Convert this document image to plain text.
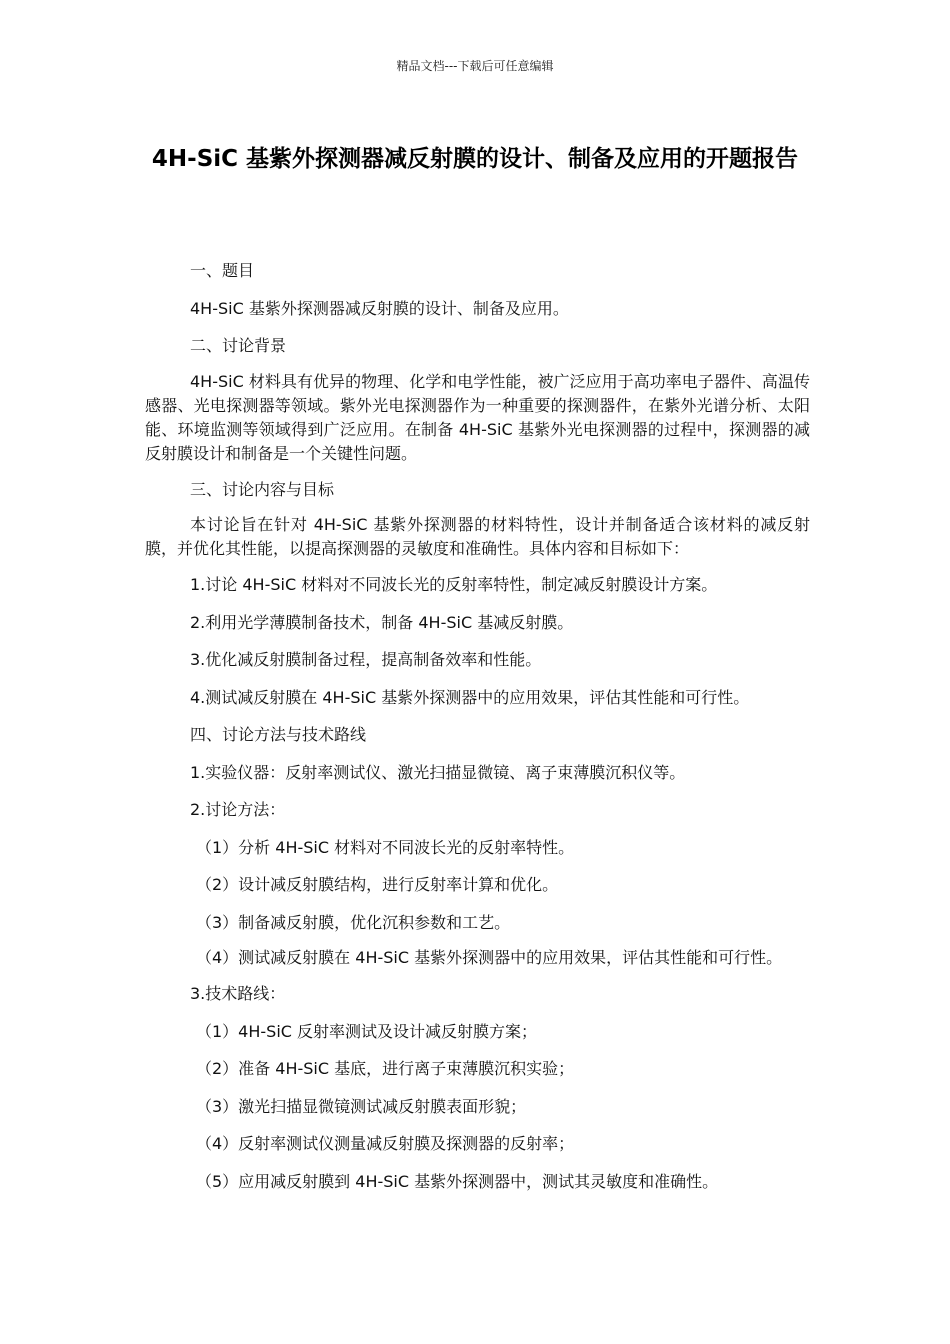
精品文档---下载后可任意编辑
4H-SiC 基紫外探测器减反射膜的设计、制备及应用的开题报告

一、题目

4H-SiC 基紫外探测器减反射膜的设计、制备及应用。

二、讨论背景

4H-SiC 材料具有优异的物理、化学和电学性能，被广泛应用于高功率电子器件、高温传感器、光电探测器等领域。紫外光电探测器作为一种重要的探测器件，在紫外光谱分析、太阳能、环境监测等领域得到广泛应用。在制备 4H-SiC 基紫外光电探测器的过程中，探测器的减反射膜设计和制备是一个关键性问题。

三、讨论内容与目标

本讨论旨在针对 4H-SiC 基紫外探测器的材料特性，设计并制备适合该材料的减反射膜，并优化其性能，以提高探测器的灵敏度和准确性。具体内容和目标如下：

1.讨论 4H-SiC 材料对不同波长光的反射率特性，制定减反射膜设计方案。

2.利用光学薄膜制备技术，制备 4H-SiC 基减反射膜。

3.优化减反射膜制备过程，提高制备效率和性能。

4.测试减反射膜在 4H-SiC 基紫外探测器中的应用效果，评估其性能和可行性。

四、讨论方法与技术路线

1.实验仪器：反射率测试仪、激光扫描显微镜、离子束薄膜沉积仪等。

2.讨论方法：

（1）分析 4H-SiC 材料对不同波长光的反射率特性。

（2）设计减反射膜结构，进行反射率计算和优化。

（3）制备减反射膜，优化沉积参数和工艺。

（4）测试减反射膜在 4H-SiC 基紫外探测器中的应用效果，评估其性能和可行性。

3.技术路线：

（1）4H-SiC 反射率测试及设计减反射膜方案；

（2）准备 4H-SiC 基底，进行离子束薄膜沉积实验；

（3）激光扫描显微镜测试减反射膜表面形貌；

（4）反射率测试仪测量减反射膜及探测器的反射率；

（5）应用减反射膜到 4H-SiC 基紫外探测器中，测试其灵敏度和准确性。
